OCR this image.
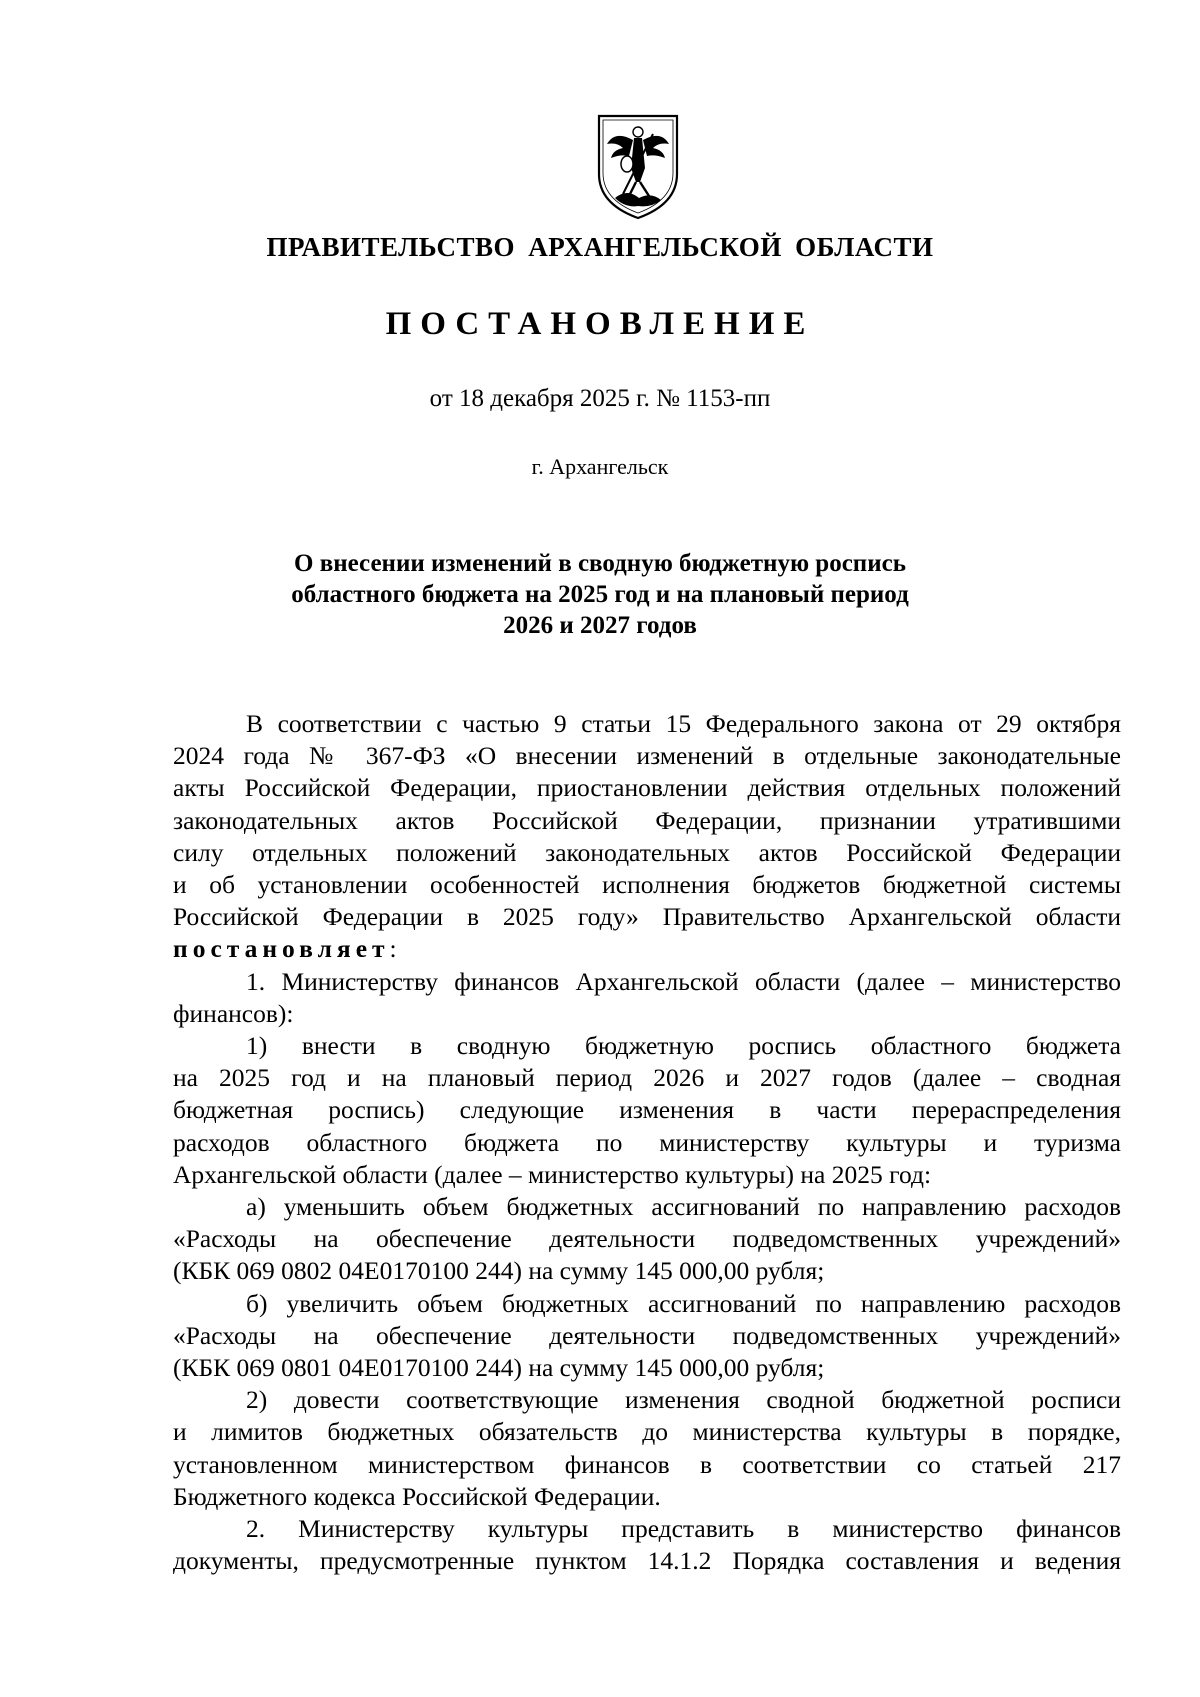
ПРАВИТЕЛЬСТВО АРХАНГЕЛЬСКОЙ ОБЛАСТИ
ПОСТАНОВЛЕНИЕ
от 18 декабря 2025 г. № 1153-пп
г. Архангельск
О внесении изменений в сводную бюджетную роспись
областного бюджета на 2025 год и на плановый период
2026 и 2027 годов
В соответствии с частью 9 статьи 15 Федерального закона от 29 октября
2024 года № 367-ФЗ «О внесении изменений в отдельные законодательные
акты Российской Федерации, приостановлении действия отдельных положений
законодательных актов Российской Федерации, признании утратившими
силу отдельных положений законодательных актов Российской Федерации
и об установлении особенностей исполнения бюджетов бюджетной системы
Российской Федерации в 2025 году» Правительство Архангельской области
постановляет:
1. Министерству финансов Архангельской области (далее – министерство
финансов):
1) внести в сводную бюджетную роспись областного бюджета
на 2025 год и на плановый период 2026 и 2027 годов (далее – сводная
бюджетная роспись) следующие изменения в части перераспределения
расходов областного бюджета по министерству культуры и туризма
Архангельской области (далее – министерство культуры) на 2025 год:
а) уменьшить объем бюджетных ассигнований по направлению расходов
«Расходы на обеспечение деятельности подведомственных учреждений»
(КБК 069 0802 04Е0170100 244) на сумму 145 000,00 рубля;
б) увеличить объем бюджетных ассигнований по направлению расходов
«Расходы на обеспечение деятельности подведомственных учреждений»
(КБК 069 0801 04Е0170100 244) на сумму 145 000,00 рубля;
2) довести соответствующие изменения сводной бюджетной росписи
и лимитов бюджетных обязательств до министерства культуры в порядке,
установленном министерством финансов в соответствии со статьей 217
Бюджетного кодекса Российской Федерации.
2. Министерству культуры представить в министерство финансов
документы, предусмотренные пунктом 14.1.2 Порядка составления и ведения
